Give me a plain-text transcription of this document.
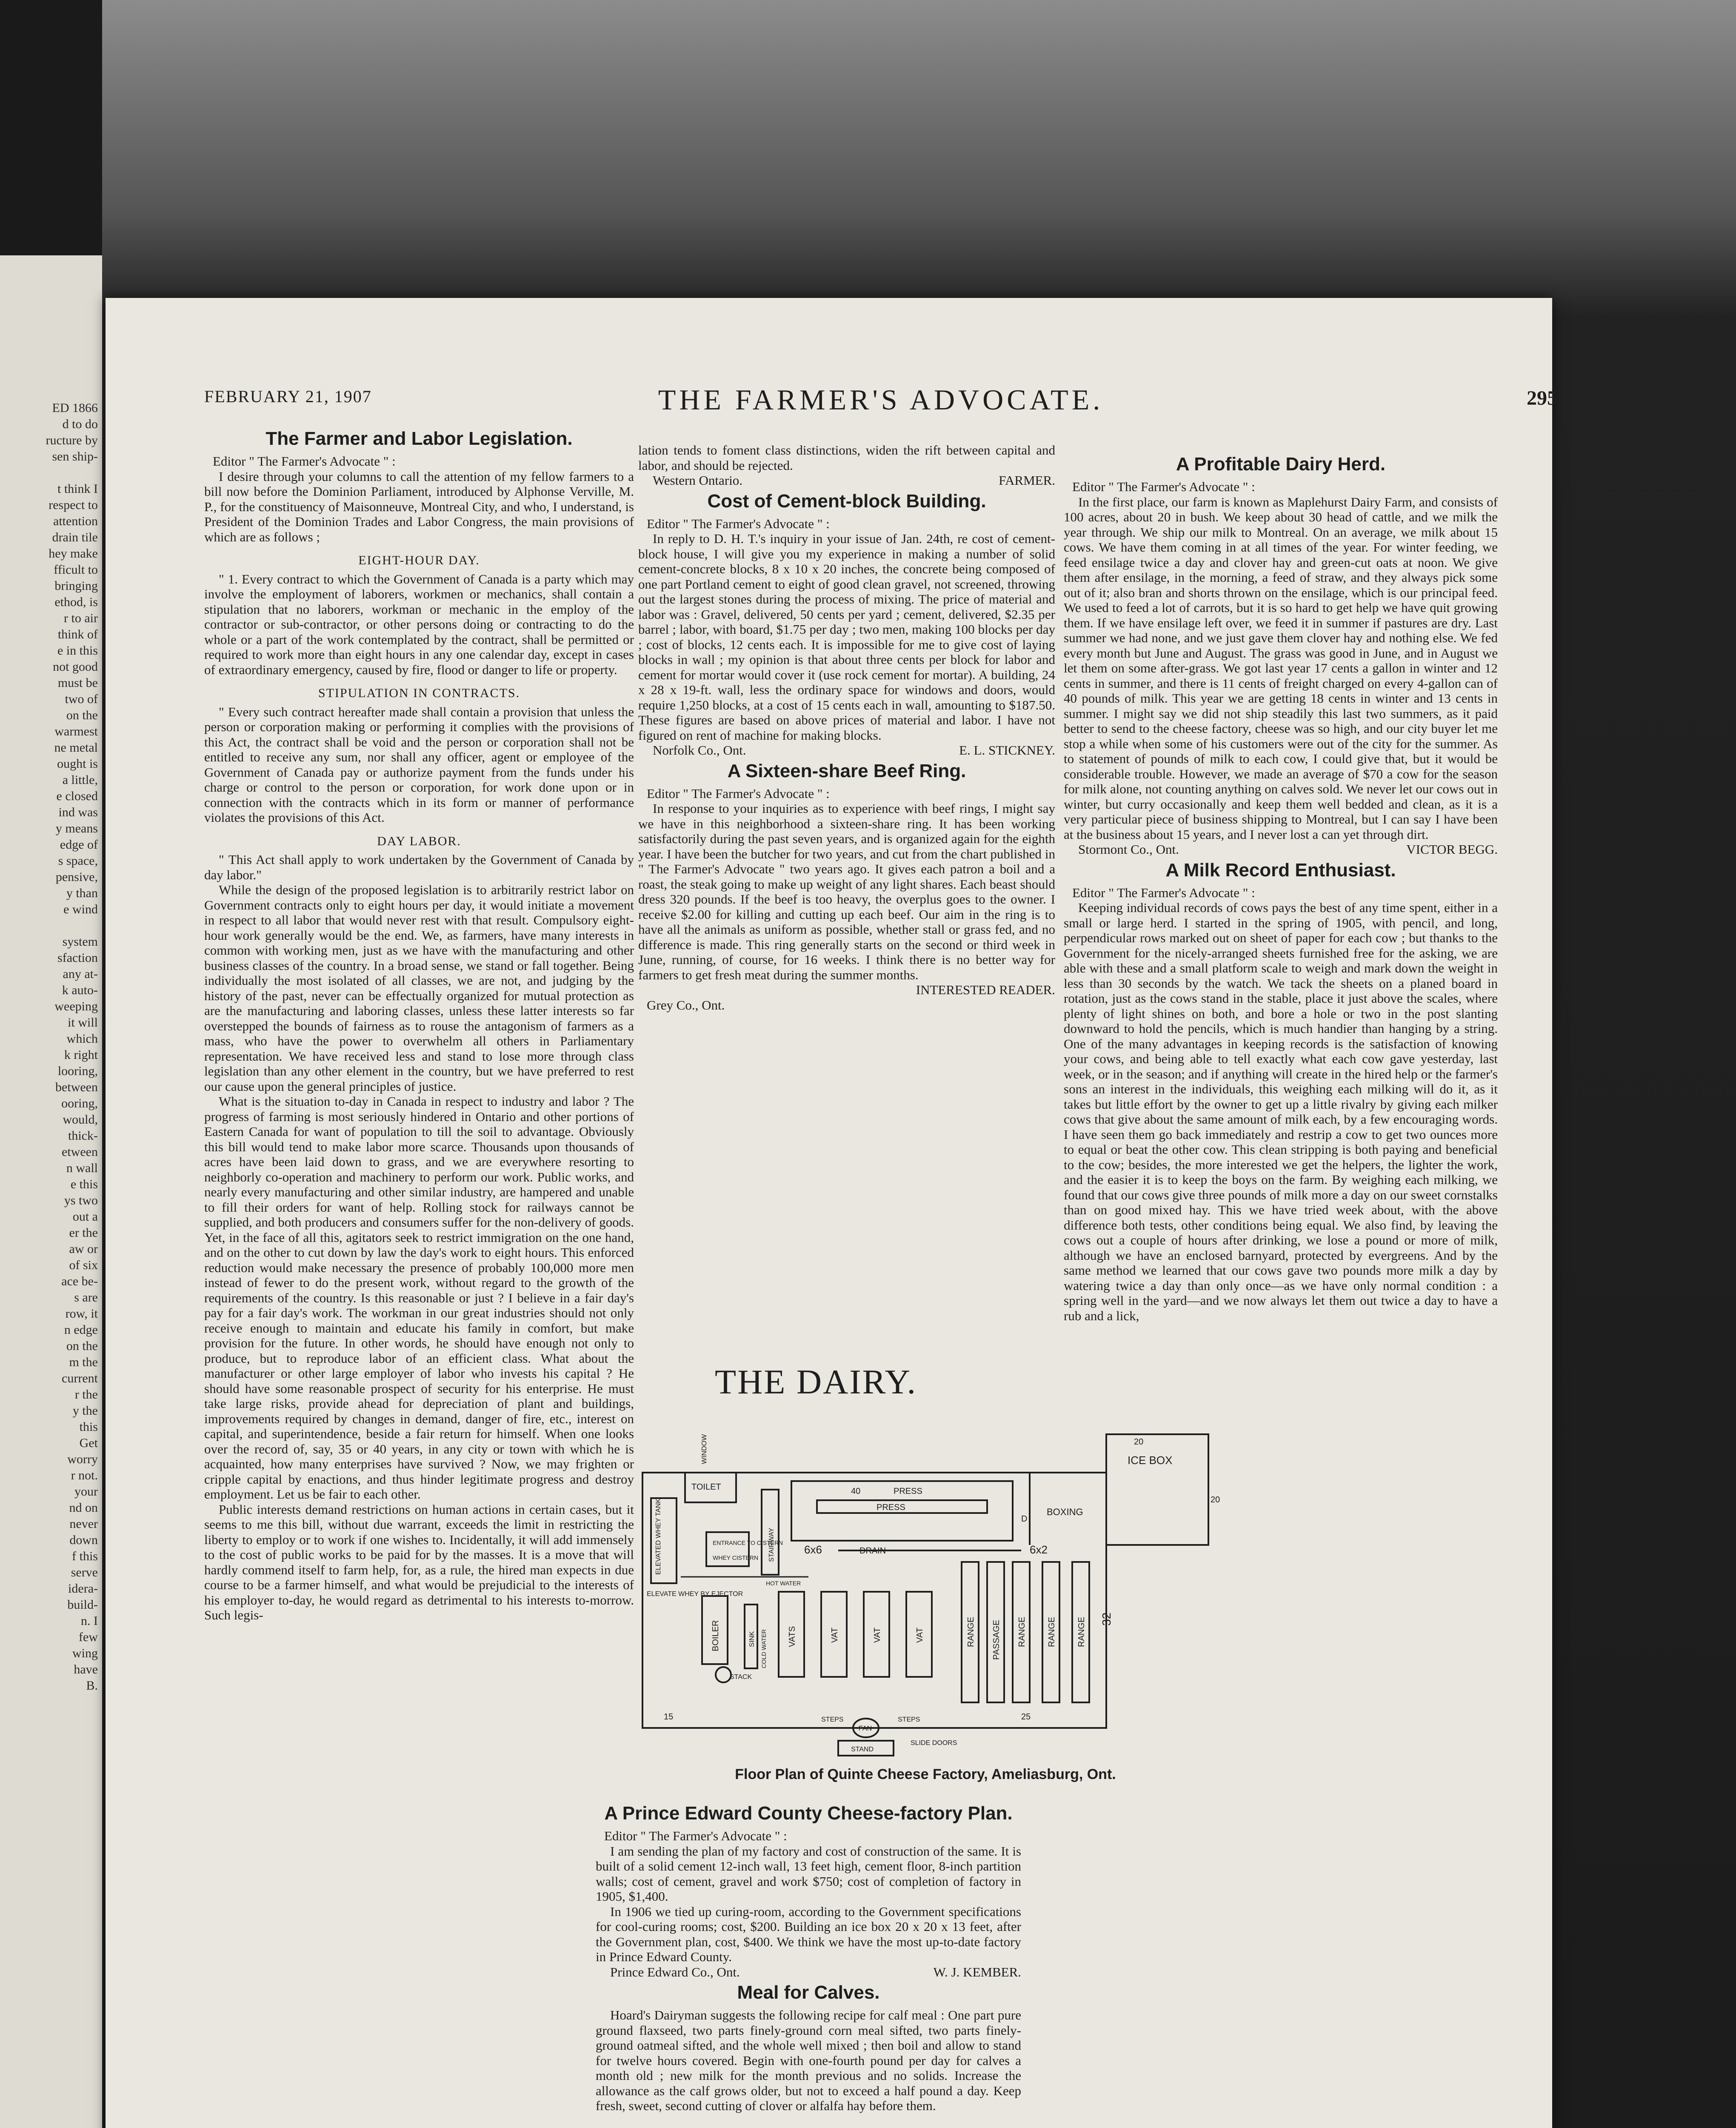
ED 1866
d to do
ructure by
sen ship-

t think I
respect to
attention
drain tile
hey make
fficult to
bringing
ethod, is
r to air
think of
e in this
not good
must be
two of
on the
warmest
ne metal
ought is
a little,
e closed
ind was
y means
edge of
s space,
pensive,
y than
e wind

system
sfaction
any at-
k auto-
weeping
it will
which
k right
looring,
between
ooring,
would,
thick-
etween
n wall
e this
ys two
out a
er the
aw or
of six
ace be-
s are
row, it
n edge
on the
m the
current
r the
y the
this
Get
worry
r not.
your
nd on
never
down
f this
serve
idera-
build-
n. I
few
wing
have
B.
FEBRUARY 21, 1907	THE FARMER'S ADVOCATE.	295
The Farmer and Labor Legislation.
Editor " The Farmer's Advocate " :

I desire through your columns to call the attention of my fellow farmers to a bill now before the Dominion Parliament, introduced by Alphonse Verville, M. P., for the constituency of Maisonneuve, Montreal City, and who, I understand, is President of the Dominion Trades and Labor Congress, the main provisions of which are as follows ;

EIGHT-HOUR DAY.

" 1. Every contract to which the Government of Canada is a party which may involve the employment of laborers, workmen or mechanics, shall contain a stipulation that no laborers, workman or mechanic in the employ of the contractor or sub-contractor, or other persons doing or contracting to do the whole or a part of the work contemplated by the contract, shall be permitted or required to work more than eight hours in any one calendar day, except in cases of extraordinary emergency, caused by fire, flood or danger to life or property.

STIPULATION IN CONTRACTS.

" Every such contract hereafter made shall contain a provision that unless the person or corporation making or performing it complies with the provisions of this Act, the contract shall be void and the person or corporation shall not be entitled to receive any sum, nor shall any officer, agent or employee of the Government of Canada pay or authorize payment from the funds under his charge or control to the person or corporation, for work done upon or in connection with the contracts which in its form or manner of performance violates the provisions of this Act.

DAY LABOR.

" This Act shall apply to work undertaken by the Government of Canada by day labor."

While the design of the proposed legislation is to arbitrarily restrict labor on Government contracts only to eight hours per day, it would initiate a movement in respect to all labor that would never rest with that result. Compulsory eight-hour work generally would be the end. We, as farmers, have many interests in common with working men, just as we have with the manufacturing and other business classes of the country. In a broad sense, we stand or fall together. Being individually the most isolated of all classes, we are not, and judging by the history of the past, never can be effectually organized for mutual protection as are the manufacturing and laboring classes, unless these latter interests so far overstepped the bounds of fairness as to rouse the antagonism of farmers as a mass, who have the power to overwhelm all others in Parliamentary representation. We have received less and stand to lose more through class legislation than any other element in the country, but we have preferred to rest our cause upon the general principles of justice.

What is the situation to-day in Canada in respect to industry and labor ? The progress of farming is most seriously hindered in Ontario and other portions of Eastern Canada for want of population to till the soil to advantage. Obviously this bill would tend to make labor more scarce. Thousands upon thousands of acres have been laid down to grass, and we are everywhere resorting to neighborly co-operation and machinery to perform our work. Public works, and nearly every manufacturing and other similar industry, are hampered and unable to fill their orders for want of help. Rolling stock for railways cannot be supplied, and both producers and consumers suffer for the non-delivery of goods. Yet, in the face of all this, agitators seek to restrict immigration on the one hand, and on the other to cut down by law the day's work to eight hours. This enforced reduction would make necessary the presence of probably 100,000 more men instead of fewer to do the present work, without regard to the growth of the requirements of the country. Is this reasonable or just ? I believe in a fair day's pay for a fair day's work. The workman in our great industries should not only receive enough to maintain and educate his family in comfort, but make provision for the future. In other words, he should have enough not only to produce, but to reproduce labor of an efficient class. What about the manufacturer or other large employer of labor who invests his capital ? He should have some reasonable prospect of security for his enterprise. He must take large risks, provide ahead for depreciation of plant and buildings, improvements required by changes in demand, danger of fire, etc., interest on capital, and superintendence, beside a fair return for himself. When one looks over the record of, say, 35 or 40 years, in any city or town with which he is acquainted, how many enterprises have survived ? Now, we may frighten or cripple capital by enactions, and thus hinder legitimate progress and destroy employment. Let us be fair to each other.

Public interests demand restrictions on human actions in certain cases, but it seems to me this bill, without due warrant, exceeds the limit in restricting the liberty to employ or to work if one wishes to. Incidentally, it will add immensely to the cost of public works to be paid for by the masses. It is a move that will hardly commend itself to farm help, for, as a rule, the hired man expects in due course to be a farmer himself, and what would be prejudicial to the interests of his employer to-day, he would regard as detrimental to his interests to-morrow. Such legis-

lation tends to foment class distinctions, widen the rift between capital and labor, and should be rejected.

Western Ontario.	FARMER.
Cost of Cement-block Building.
Editor " The Farmer's Advocate " :

In reply to D. H. T.'s inquiry in your issue of Jan. 24th, re cost of cement-block house, I will give you my experience in making a number of solid cement-concrete blocks, 8 x 10 x 20 inches, the concrete being composed of one part Portland cement to eight of good clean gravel, not screened, throwing out the largest stones during the process of mixing. The price of material and labor was : Gravel, delivered, 50 cents per yard ; cement, delivered, $2.35 per barrel ; labor, with board, $1.75 per day ; two men, making 100 blocks per day ; cost of blocks, 12 cents each. It is impossible for me to give cost of laying blocks in wall ; my opinion is that about three cents per block for labor and cement for mortar would cover it (use rock cement for mortar). A building, 24 x 28 x 19-ft. wall, less the ordinary space for windows and doors, would require 1,250 blocks, at a cost of 15 cents each in wall, amounting to $187.50. These figures are based on above prices of material and labor. I have not figured on rent of machine for making blocks.

Norfolk Co., Ont.	E. L. STICKNEY.
A Sixteen-share Beef Ring.
Editor " The Farmer's Advocate " :

In response to your inquiries as to experience with beef rings, I might say we have in this neighborhood a sixteen-share ring. It has been working satisfactorily during the past seven years, and is organized again for the eighth year. I have been the butcher for two years, and cut from the chart published in " The Farmer's Advocate " two years ago. It gives each patron a boil and a roast, the steak going to make up weight of any light shares. Each beast should dress 320 pounds. If the beef is too heavy, the overplus goes to the owner. I receive $2.00 for killing and cutting up each beef. Our aim in the ring is to have all the animals as uniform as possible, whether stall or grass fed, and no difference is made. This ring generally starts on the second or third week in June, running, of course, for 16 weeks. I think there is no better way for farmers to get fresh meat during the summer months.

INTERESTED READER.
Grey Co., Ont.
THE DAIRY.
ICE BOX
20
20
TOILET
WINDOW
ELEVATED WHEY TANK
ELEVATE WHEY BY EJECTOR
ENTRANCE TO CISTERN
WHEY CISTERN STAIRWAY
40	PRESS
PRESS
6x6	DRAIN	6x2
D
BOXING
HOT WATER
BOILER
STACK
SINK COLD WATER VATS	VAT	VAT	VAT	RANGE PASSAGE RANGE RANGE RANGE 32
15	25
STEPS	STEPS
FAN
STAND
SLIDE DOORS
Floor Plan of Quinte Cheese Factory, Ameliasburg, Ont.
A Profitable Dairy Herd.
Editor " The Farmer's Advocate " :

In the first place, our farm is known as Maplehurst Dairy Farm, and consists of 100 acres, about 20 in bush. We keep about 30 head of cattle, and we milk the year through. We ship our milk to Montreal. On an average, we milk about 15 cows. We have them coming in at all times of the year. For winter feeding, we feed ensilage twice a day and clover hay and green-cut oats at noon. We give them after ensilage, in the morning, a feed of straw, and they always pick some out of it; also bran and shorts thrown on the ensilage, which is our principal feed. We used to feed a lot of carrots, but it is so hard to get help we have quit growing them. If we have ensilage left over, we feed it in summer if pastures are dry. Last summer we had none, and we just gave them clover hay and nothing else. We fed every month but June and August. The grass was good in June, and in August we let them on some after-grass. We got last year 17 cents a gallon in winter and 12 cents in summer, and there is 11 cents of freight charged on every 4-gallon can of 40 pounds of milk. This year we are getting 18 cents in winter and 13 cents in summer. I might say we did not ship steadily this last two summers, as it paid better to send to the cheese factory, cheese was so high, and our city buyer let me stop a while when some of his customers were out of the city for the summer. As to statement of pounds of milk to each cow, I could give that, but it would be considerable trouble. However, we made an average of $70 a cow for the season for milk alone, not counting anything on calves sold. We never let our cows out in winter, but curry occasionally and keep them well bedded and clean, as it is a very particular piece of business shipping to Montreal, but I can say I have been at the business about 15 years, and I never lost a can yet through dirt.

Stormont Co., Ont.	VICTOR BEGG.
A Milk Record Enthusiast.
Editor " The Farmer's Advocate " :

Keeping individual records of cows pays the best of any time spent, either in a small or large herd. I started in the spring of 1905, with pencil, and long, perpendicular rows marked out on sheet of paper for each cow ; but thanks to the Government for the nicely-arranged sheets furnished free for the asking, we are able with these and a small platform scale to weigh and mark down the weight in less than 30 seconds by the watch. We tack the sheets on a planed board in rotation, just as the cows stand in the stable, place it just above the scales, where plenty of light shines on both, and bore a hole or two in the post slanting downward to hold the pencils, which is much handier than hanging by a string. One of the many advantages in keeping records is the satisfaction of knowing your cows, and being able to tell exactly what each cow gave yesterday, last week, or in the season; and if anything will create in the hired help or the farmer's sons an interest in the individuals, this weighing each milking will do it, as it takes but little effort by the owner to get up a little rivalry by giving each milker cows that give about the same amount of milk each, by a few encouraging words. I have seen them go back immediately and restrip a cow to get two ounces more to equal or beat the other cow. This clean stripping is both paying and beneficial to the cow; besides, the more interested we get the helpers, the lighter the work, and the easier it is to keep the boys on the farm. By weighing each milking, we found that our cows give three pounds of milk more a day on our sweet cornstalks than on good mixed hay. This we have tried week about, with the above difference both tests, other conditions being equal. We also find, by leaving the cows out a couple of hours after drinking, we lose a pound or more of milk, although we have an enclosed barnyard, protected by evergreens. And by the same method we learned that our cows gave two pounds more milk a day by watering twice a day than only once—as we have only normal condition : a spring well in the yard—and we now always let them out twice a day to have a rub and a lick,

A Prince Edward County Cheese-factory Plan.
Editor " The Farmer's Advocate " :

I am sending the plan of my factory and cost of construction of the same. It is built of a solid cement 12-inch wall, 13 feet high, cement floor, 8-inch partition walls; cost of cement, gravel and work $750; cost of completion of factory in 1905, $1,400.

In 1906 we tied up curing-room, according to the Government specifications for cool-curing rooms; cost, $200. Building an ice box 20 x 20 x 13 feet, after the Government plan, cost, $400. We think we have the most up-to-date factory in Prince Edward County.

Prince Edward Co., Ont.	W. J. KEMBER.
Meal for Calves.

Hoard's Dairyman suggests the following recipe for calf meal : One part pure ground flaxseed, two parts finely-ground corn meal sifted, two parts finely-ground oatmeal sifted, and the whole well mixed ; then boil and allow to stand for twelve hours covered. Begin with one-fourth pound per day for calves a month old ; new milk for the month previous and no solids. Increase the allowance as the calf grows older, but not to exceed a half pound a day. Keep fresh, sweet, second cutting of clover or alfalfa hay before them.
